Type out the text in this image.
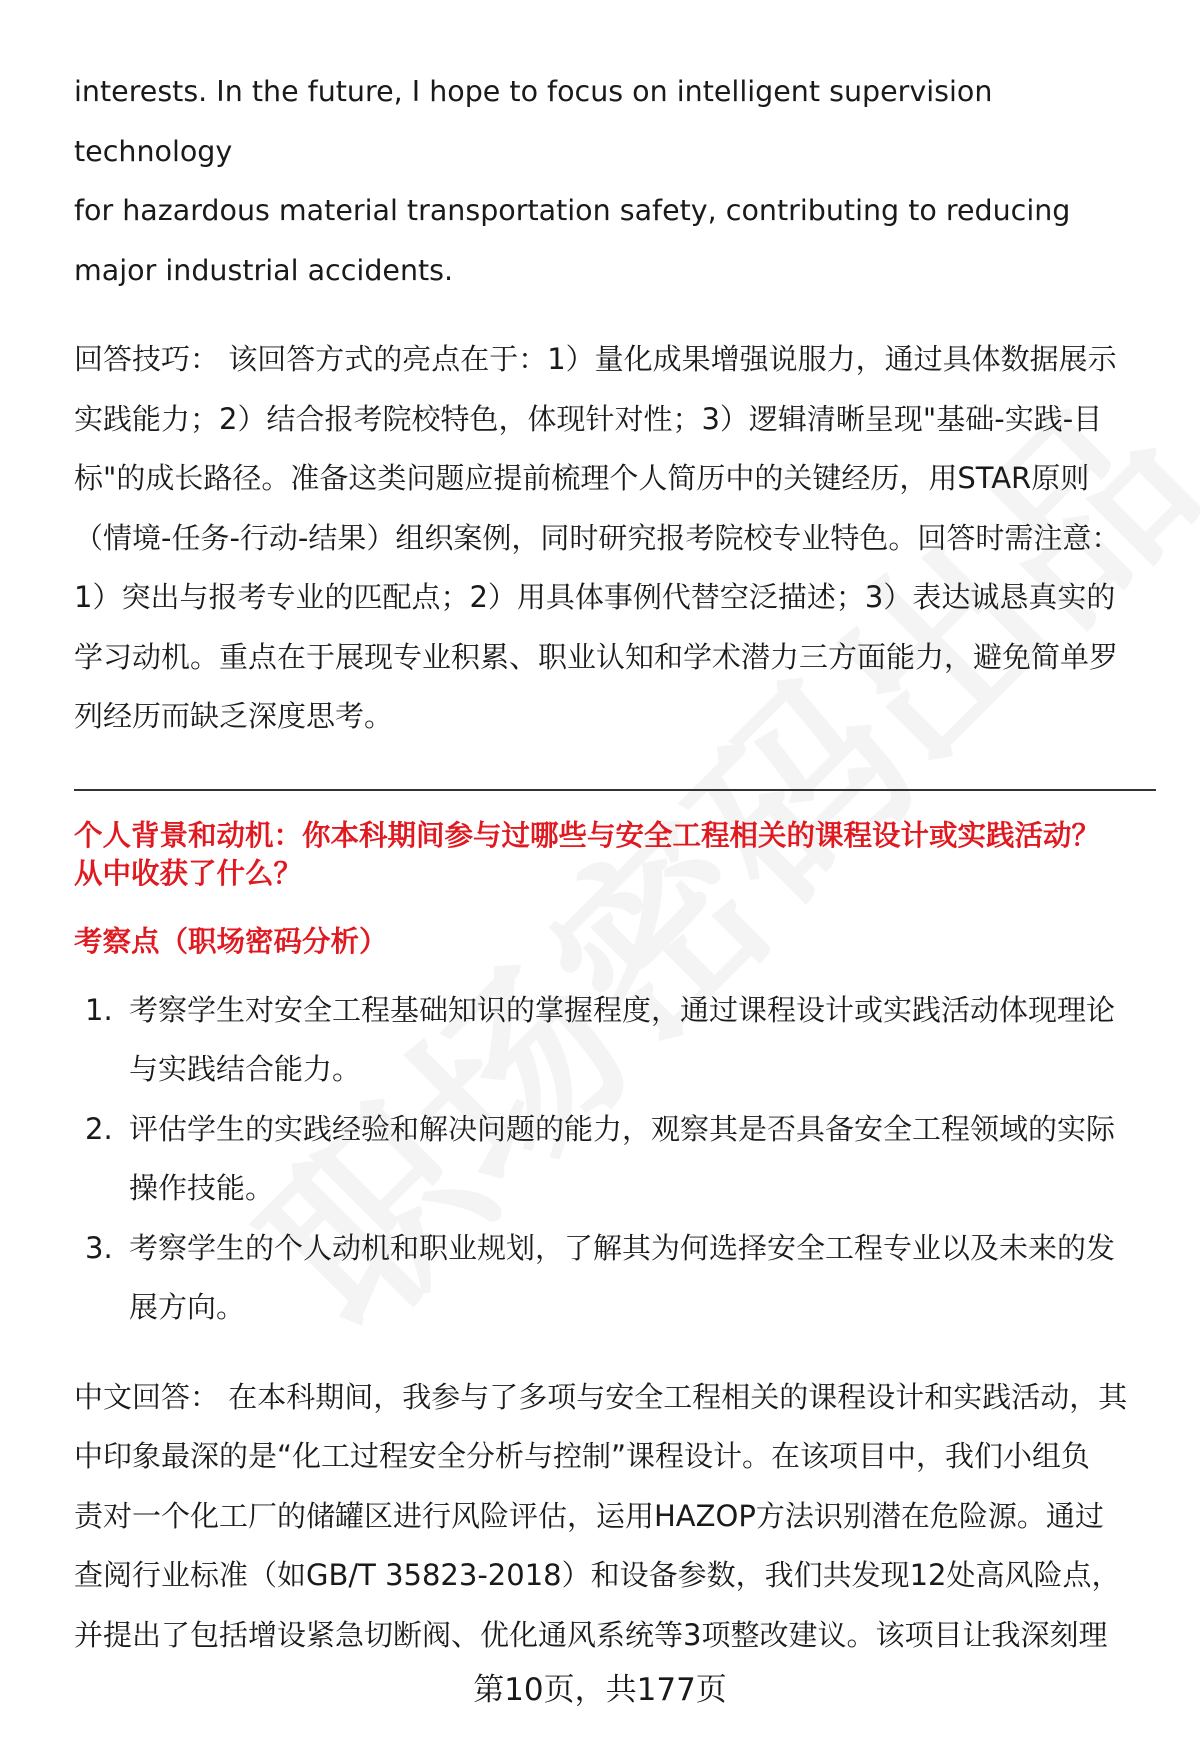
interests. In the future, I hope to focus on intelligent supervision technology

for hazardous material transportation safety, contributing to reducing

major industrial accidents.

回答技巧： 该回答方式的亮点在于：1）量化成果增强说服力，通过具体数据展示

实践能力；2）结合报考院校特色，体现针对性；3）逻辑清晰呈现"基础-实践-目

标"的成长路径。准备这类问题应提前梳理个人简历中的关键经历，用STAR原则

（情境-任务-行动-结果）组织案例，同时研究报考院校专业特色。回答时需注意：

1）突出与报考专业的匹配点；2）用具体事例代替空泛描述；3）表达诚恳真实的

学习动机。重点在于展现专业积累、职业认知和学术潜力三方面能力，避免简单罗

列经历而缺乏深度思考。

个人背景和动机：你本科期间参与过哪些与安全工程相关的课程设计或实践活动？

从中收获了什么？

考察点（职场密码分析）

1. 考察学生对安全工程基础知识的掌握程度，通过课程设计或实践活动体现理论
与实践结合能力。
2. 评估学生的实践经验和解决问题的能力，观察其是否具备安全工程领域的实际
操作技能。
3. 考察学生的个人动机和职业规划，了解其为何选择安全工程专业以及未来的发
展方向。

中文回答： 在本科期间，我参与了多项与安全工程相关的课程设计和实践活动，其

中印象最深的是“化工过程安全分析与控制”课程设计。在该项目中，我们小组负

责对一个化工厂的储罐区进行风险评估，运用HAZOP方法识别潜在危险源。通过

查阅行业标准（如GB/T 35823-2018）和设备参数，我们共发现12处高风险点，

并提出了包括增设紧急切断阀、优化通风系统等3项整改建议。该项目让我深刻理

第10页，共177页
